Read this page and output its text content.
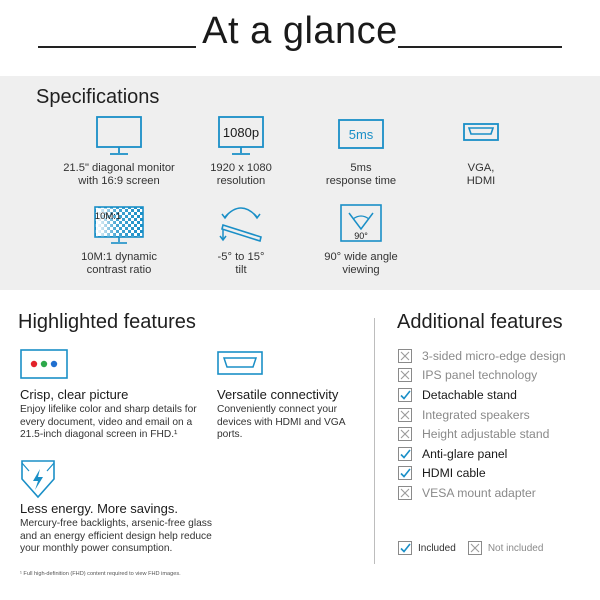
At a glance
Specifications
21.5" diagonal monitor
with 16:9 screen
1080p
1920 x 1080
resolution
5ms
5ms
response time
VGA,
HDMI
10M:1
10M:1 dynamic
contrast ratio
-5° to 15°
tilt
90°
90° wide angle
viewing
Highlighted features
Crisp, clear picture
Enjoy lifelike color and sharp details for
every document, video and email on a
21.5-inch diagonal screen in FHD.¹
Versatile connectivity
Conveniently connect your
devices with HDMI and VGA
ports.
Less energy. More savings.
Mercury-free backlights, arsenic-free glass
and an energy efficient design help reduce
your monthly power consumption.
Additional features
3-sided micro-edge design
IPS panel technology
Detachable stand
Integrated speakers
Height adjustable stand
Anti-glare panel
HDMI cable
VESA mount adapter
Included	Not included
¹ Full high-definition (FHD) content required to view FHD images.
